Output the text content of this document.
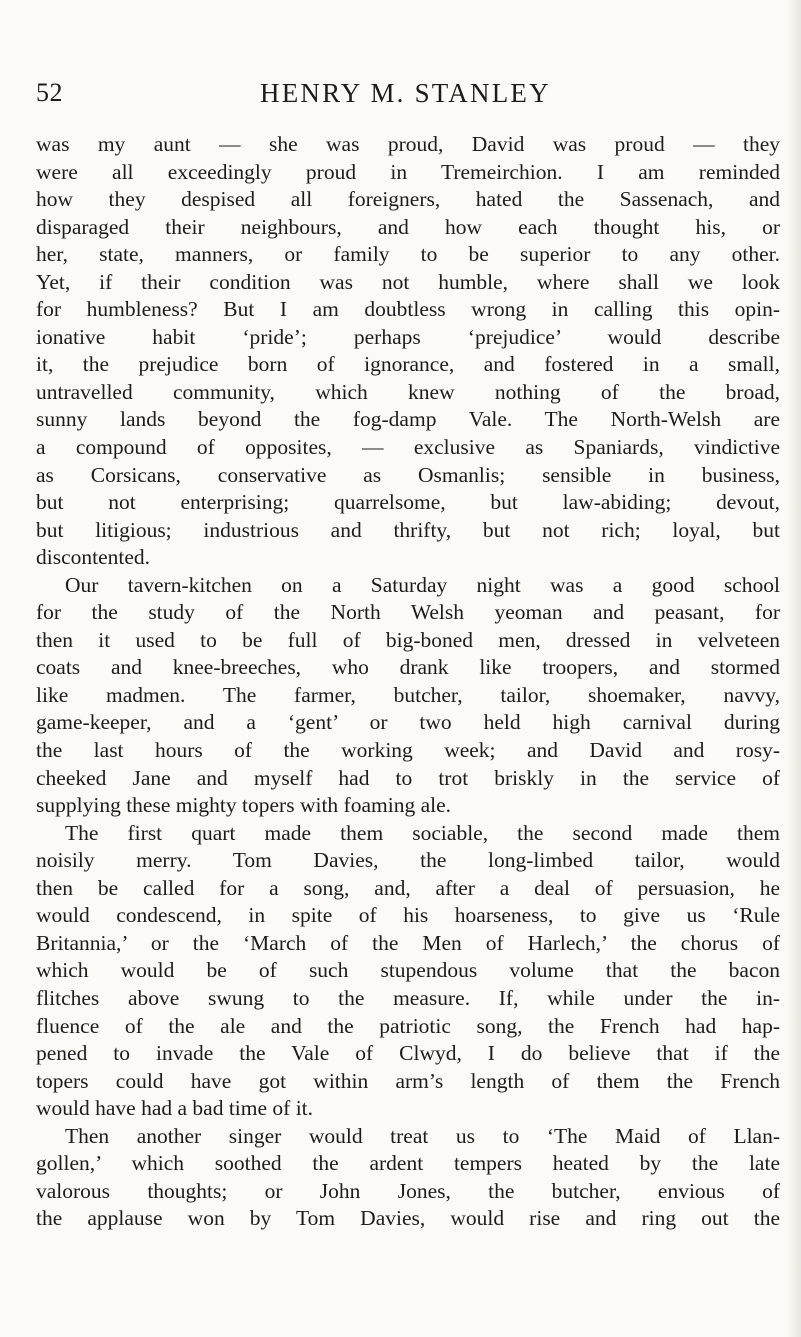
52	HENRY M. STANLEY
was my aunt — she was proud, David was proud — they
were all exceedingly proud in Tremeirchion. I am reminded
how they despised all foreigners, hated the Sassenach, and
disparaged their neighbours, and how each thought his, or
her, state, manners, or family to be superior to any other.
Yet, if their condition was not humble, where shall we look
for humbleness? But I am doubtless wrong in calling this opin-
ionative habit ‘pride’; perhaps ‘prejudice’ would describe
it, the prejudice born of ignorance, and fostered in a small,
untravelled community, which knew nothing of the broad,
sunny lands beyond the fog-damp Vale. The North-Welsh are
a compound of opposites, — exclusive as Spaniards, vindictive
as Corsicans, conservative as Osmanlis; sensible in business,
but not enterprising; quarrelsome, but law-abiding; devout,
but litigious; industrious and thrifty, but not rich; loyal, but
discontented.
Our tavern-kitchen on a Saturday night was a good school
for the study of the North Welsh yeoman and peasant, for
then it used to be full of big-boned men, dressed in velveteen
coats and knee-breeches, who drank like troopers, and stormed
like madmen. The farmer, butcher, tailor, shoemaker, navvy,
game-keeper, and a ‘gent’ or two held high carnival during
the last hours of the working week; and David and rosy-
cheeked Jane and myself had to trot briskly in the service of
supplying these mighty topers with foaming ale.
The first quart made them sociable, the second made them
noisily merry. Tom Davies, the long-limbed tailor, would
then be called for a song, and, after a deal of persuasion, he
would condescend, in spite of his hoarseness, to give us ‘Rule
Britannia,’ or the ‘March of the Men of Harlech,’ the chorus of
which would be of such stupendous volume that the bacon
flitches above swung to the measure. If, while under the in-
fluence of the ale and the patriotic song, the French had hap-
pened to invade the Vale of Clwyd, I do believe that if the
topers could have got within arm’s length of them the French
would have had a bad time of it.
Then another singer would treat us to ‘The Maid of Llan-
gollen,’ which soothed the ardent tempers heated by the late
valorous thoughts; or John Jones, the butcher, envious of
the applause won by Tom Davies, would rise and ring out the
